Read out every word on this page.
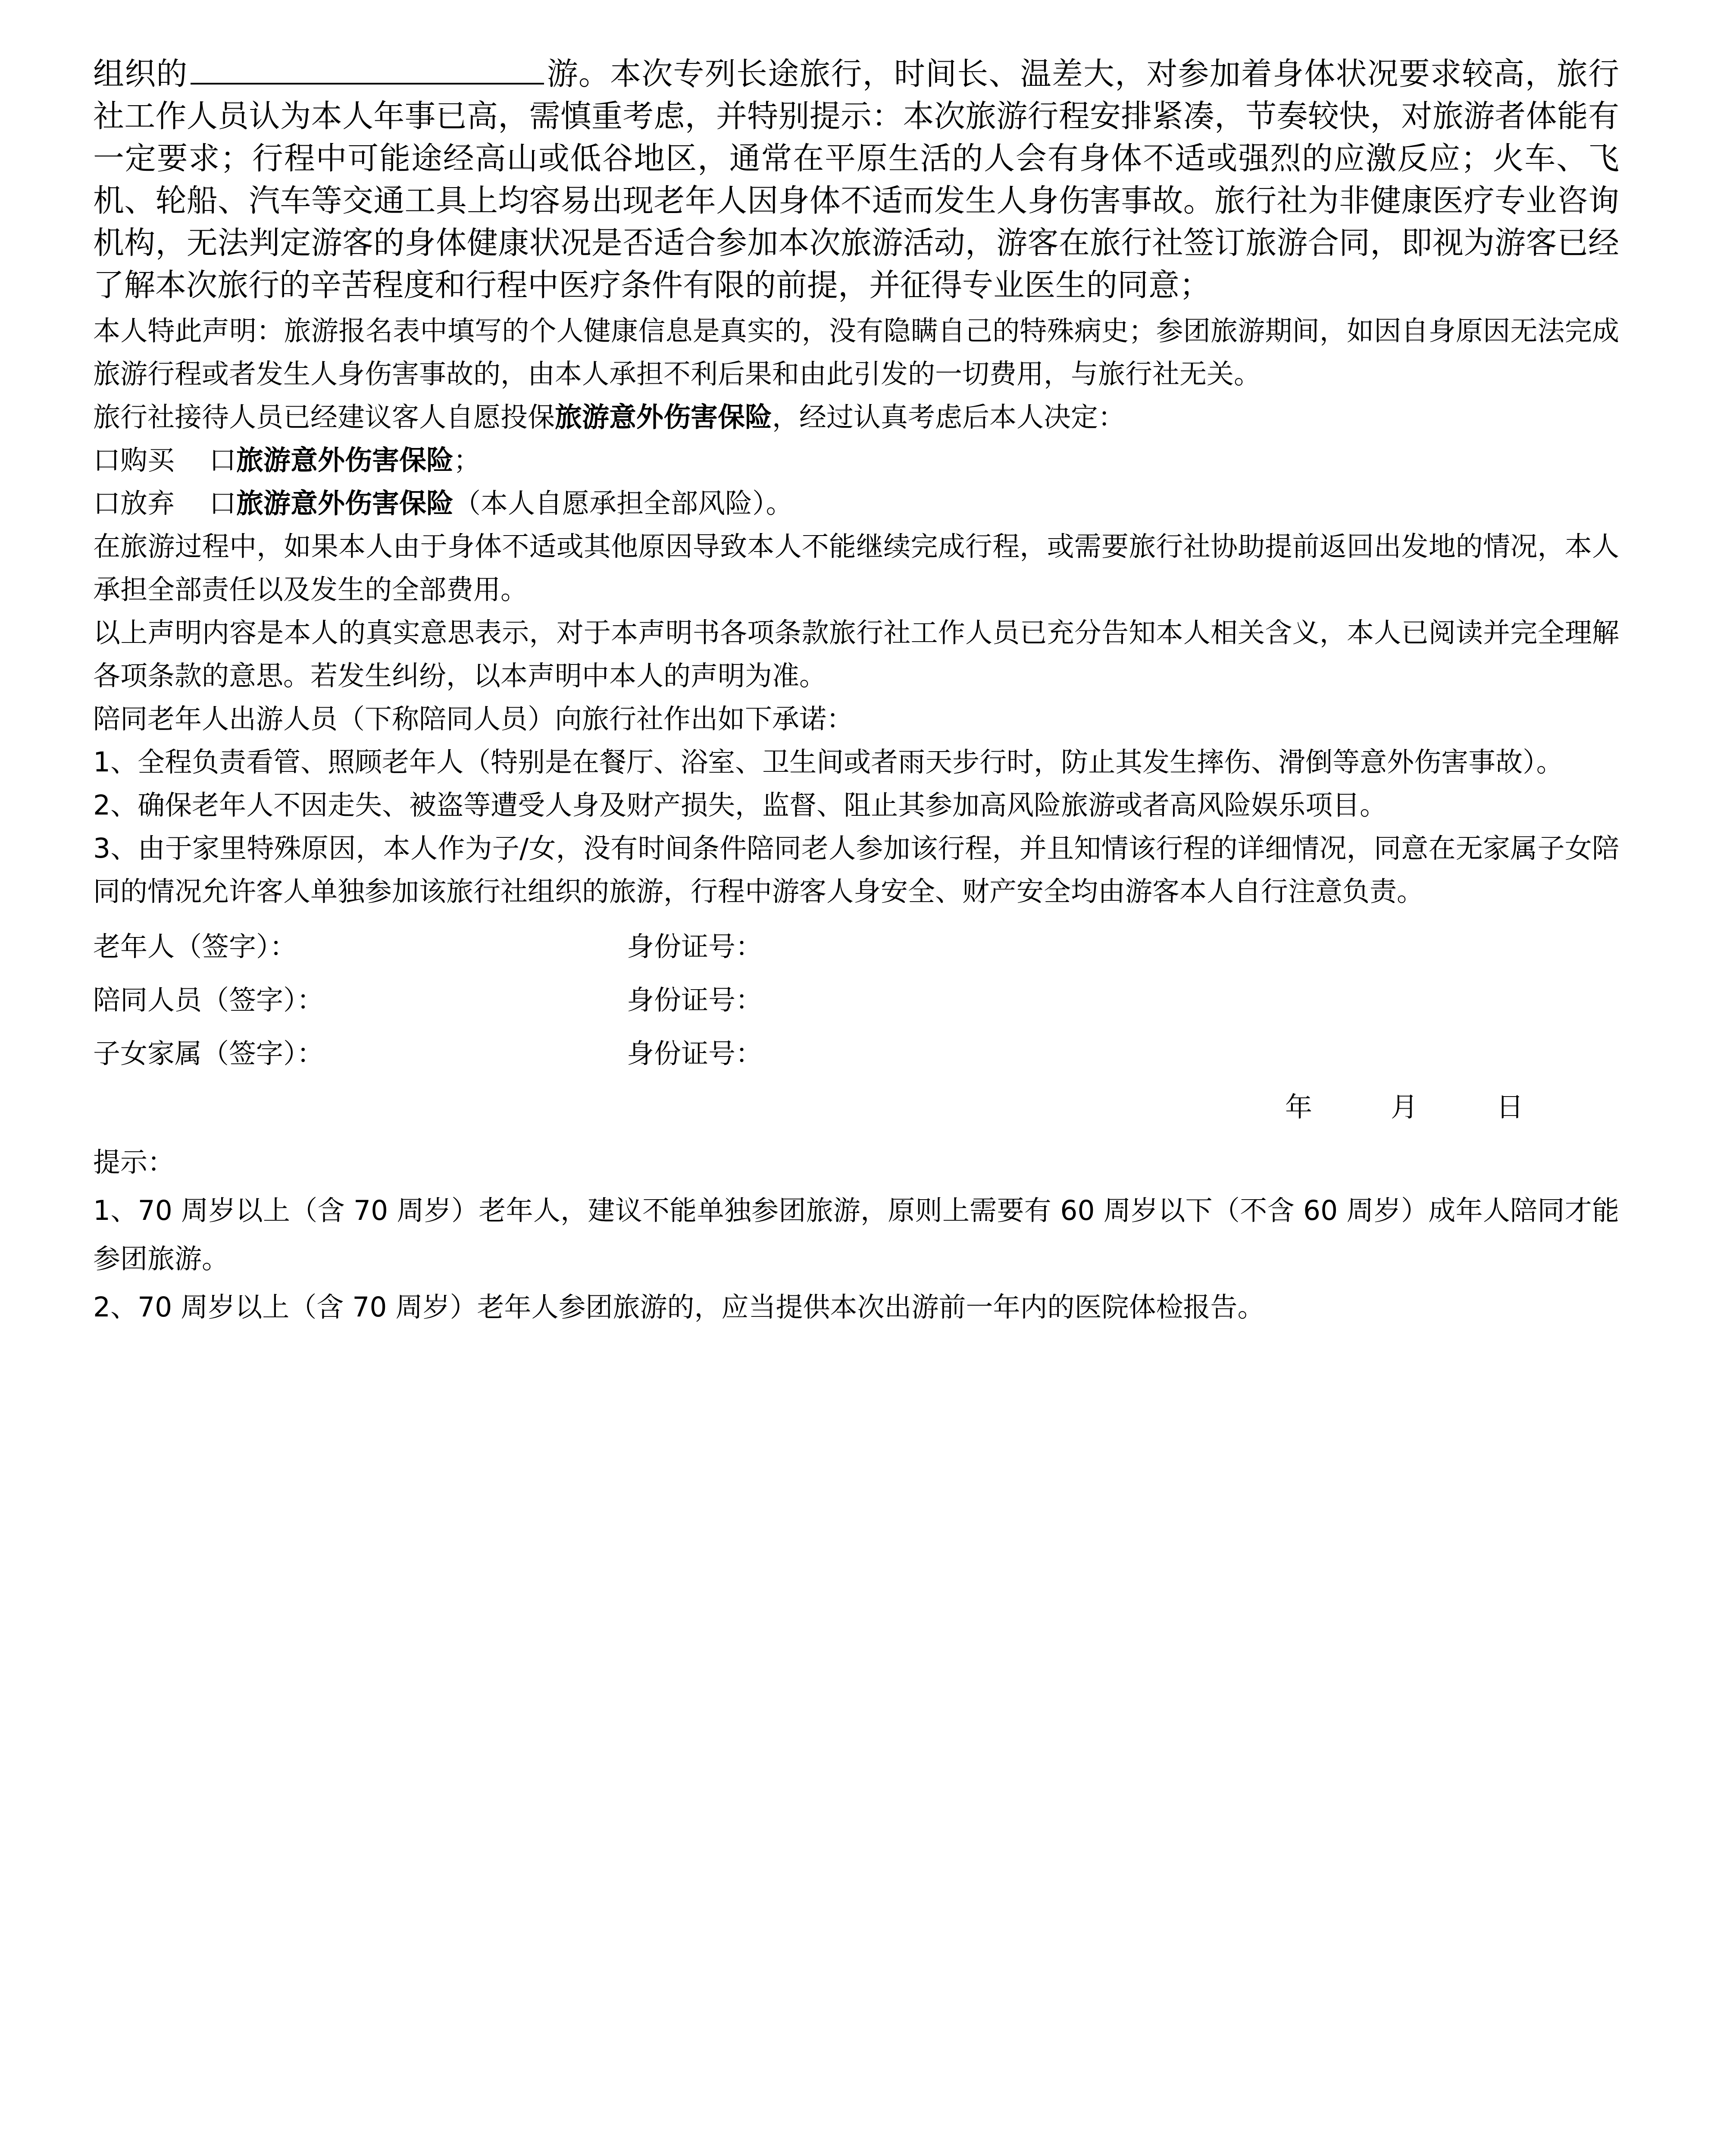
组织的	游。本次专列长途旅行，时间长、温差大，对参加着身体状况要求较高，旅行社工作人员认为本人年事已高，需慎重考虑，并特别提示：本次旅游行程安排紧凑，节奏较快，对旅游者体能有一定要求；行程中可能途经高山或低谷地区，通常在平原生活的人会有身体不适或强烈的应激反应；火车、飞机、轮船、汽车等交通工具上均容易出现老年人因身体不适而发生人身伤害事故。旅行社为非健康医疗专业咨询机构，无法判定游客的身体健康状况是否适合参加本次旅游活动，游客在旅行社签订旅游合同，即视为游客已经了解本次旅行的辛苦程度和行程中医疗条件有限的前提，并征得专业医生的同意；

本人特此声明：旅游报名表中填写的个人健康信息是真实的，没有隐瞒自己的特殊病史；参团旅游期间，如因自身原因无法完成旅游行程或者发生人身伤害事故的，由本人承担不利后果和由此引发的一切费用，与旅行社无关。

旅行社接待人员已经建议客人自愿投保旅游意外伤害保险，经过认真考虑后本人决定：

口购买 口旅游意外伤害保险；

口放弃 口旅游意外伤害保险（本人自愿承担全部风险）。

在旅游过程中，如果本人由于身体不适或其他原因导致本人不能继续完成行程，或需要旅行社协助提前返回出发地的情况，本人承担全部责任以及发生的全部费用。

以上声明内容是本人的真实意思表示，对于本声明书各项条款旅行社工作人员已充分告知本人相关含义，本人已阅读并完全理解各项条款的意思。若发生纠纷，以本声明中本人的声明为准。

陪同老年人出游人员（下称陪同人员）向旅行社作出如下承诺：

1、全程负责看管、照顾老年人（特别是在餐厅、浴室、卫生间或者雨天步行时，防止其发生摔伤、滑倒等意外伤害事故）。

2、确保老年人不因走失、被盗等遭受人身及财产损失，监督、阻止其参加高风险旅游或者高风险娱乐项目。

3、由于家里特殊原因，本人作为子/女，没有时间条件陪同老人参加该行程，并且知情该行程的详细情况，同意在无家属子女陪同的情况允许客人单独参加该旅行社组织的旅游，行程中游客人身安全、财产安全均由游客本人自行注意负责。

老年人（签字）：	身份证号：
陪同人员（签字）：	身份证号：
子女家属（签字）：	身份证号：
年	月	日

提示：

1、70 周岁以上（含 70 周岁）老年人，建议不能单独参团旅游，原则上需要有 60 周岁以下（不含 60 周岁）成年人陪同才能参团旅游。

2、70 周岁以上（含 70 周岁）老年人参团旅游的，应当提供本次出游前一年内的医院体检报告。
